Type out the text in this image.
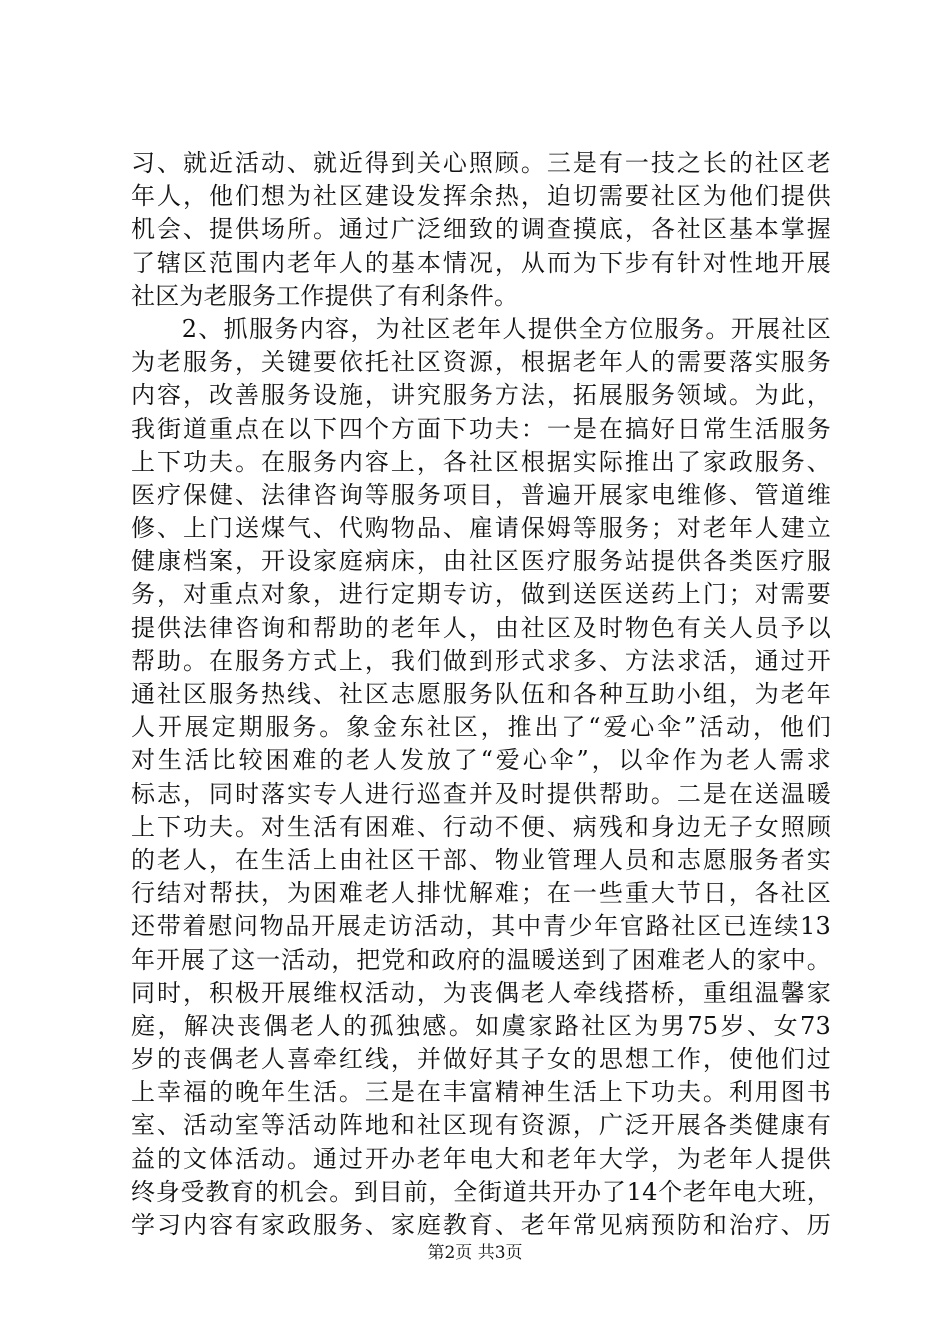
习、就近活动、就近得到关心照顾。三是有一技之长的社区老
年人，他们想为社区建设发挥余热，迫切需要社区为他们提供
机会、提供场所。通过广泛细致的调查摸底，各社区基本掌握
了辖区范围内老年人的基本情况，从而为下步有针对性地开展
社区为老服务工作提供了有利条件。
　　2、抓服务内容，为社区老年人提供全方位服务。开展社区
为老服务，关键要依托社区资源，根据老年人的需要落实服务
内容，改善服务设施，讲究服务方法，拓展服务领域。为此，
我街道重点在以下四个方面下功夫：一是在搞好日常生活服务
上下功夫。在服务内容上，各社区根据实际推出了家政服务、
医疗保健、法律咨询等服务项目，普遍开展家电维修、管道维
修、上门送煤气、代购物品、雇请保姆等服务；对老年人建立
健康档案，开设家庭病床，由社区医疗服务站提供各类医疗服
务，对重点对象，进行定期专访，做到送医送药上门；对需要
提供法律咨询和帮助的老年人，由社区及时物色有关人员予以
帮助。在服务方式上，我们做到形式求多、方法求活，通过开
通社区服务热线、社区志愿服务队伍和各种互助小组，为老年
人开展定期服务。象金东社区，推出了“爱心伞”活动，他们
对生活比较困难的老人发放了“爱心伞”，以伞作为老人需求
标志，同时落实专人进行巡查并及时提供帮助。二是在送温暖
上下功夫。对生活有困难、行动不便、病残和身边无子女照顾
的老人，在生活上由社区干部、物业管理人员和志愿服务者实
行结对帮扶，为困难老人排忧解难；在一些重大节日，各社区
还带着慰问物品开展走访活动，其中青少年官路社区已连续13
年开展了这一活动，把党和政府的温暖送到了困难老人的家中。
同时，积极开展维权活动，为丧偶老人牵线搭桥，重组温馨家
庭，解决丧偶老人的孤独感。如虞家路社区为男75岁、女73
岁的丧偶老人喜牵红线，并做好其子女的思想工作，使他们过
上幸福的晚年生活。三是在丰富精神生活上下功夫。利用图书
室、活动室等活动阵地和社区现有资源，广泛开展各类健康有
益的文体活动。通过开办老年电大和老年大学，为老年人提供
终身受教育的机会。到目前，全街道共开办了14个老年电大班，
学习内容有家政服务、家庭教育、老年常见病预防和治疗、历
第2页 共3页
